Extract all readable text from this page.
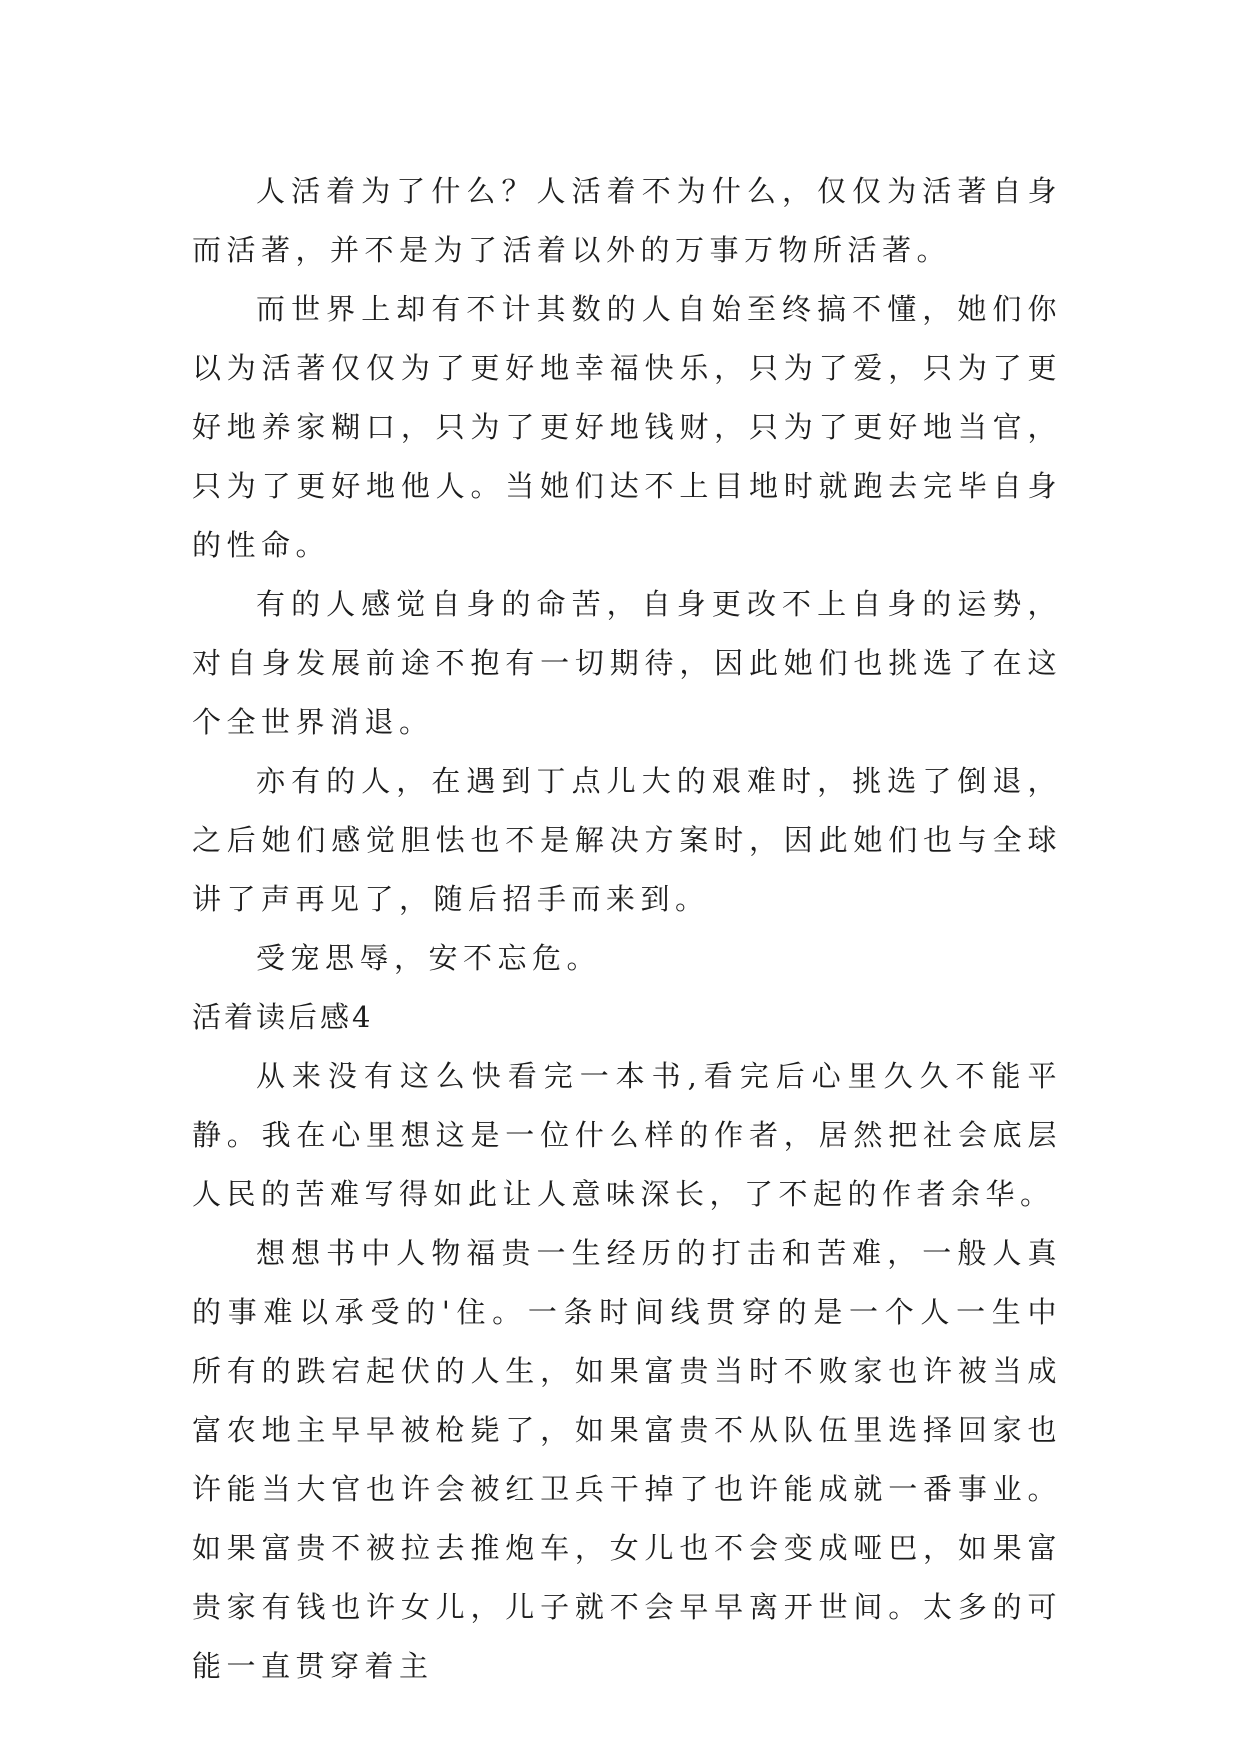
人活着为了什么？人活着不为什么，仅仅为活著自身而活著，并不是为了活着以外的万事万物所活著。

而世界上却有不计其数的人自始至终搞不懂，她们你以为活著仅仅为了更好地幸福快乐，只为了爱，只为了更好地养家糊口，只为了更好地钱财，只为了更好地当官，只为了更好地他人。当她们达不上目地时就跑去完毕自身的性命。

有的人感觉自身的命苦，自身更改不上自身的运势，对自身发展前途不抱有一切期待，因此她们也挑选了在这个全世界消退。

亦有的人，在遇到丁点儿大的艰难时，挑选了倒退，之后她们感觉胆怯也不是解决方案时，因此她们也与全球讲了声再见了，随后招手而来到。

受宠思辱，安不忘危。

活着读后感4

从来没有这么快看完一本书,看完后心里久久不能平静。我在心里想这是一位什么样的作者，居然把社会底层人民的苦难写得如此让人意味深长，了不起的作者余华。

想想书中人物福贵一生经历的打击和苦难，一般人真的事难以承受的'住。一条时间线贯穿的是一个人一生中所有的跌宕起伏的人生，如果富贵当时不败家也许被当成富农地主早早被枪毙了，如果富贵不从队伍里选择回家也许能当大官也许会被红卫兵干掉了也许能成就一番事业。如果富贵不被拉去推炮车，女儿也不会变成哑巴，如果富贵家有钱也许女儿，儿子就不会早早离开世间。太多的可能一直贯穿着主
